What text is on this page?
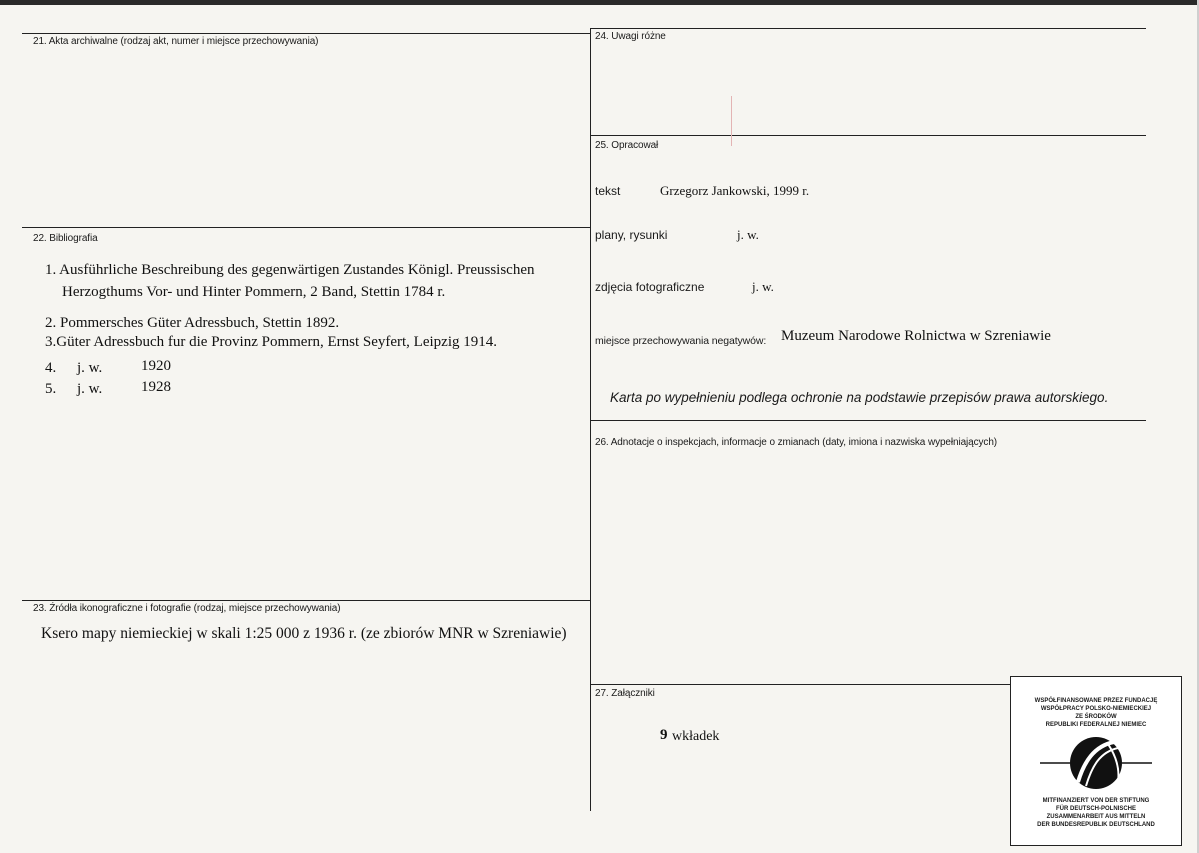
21. Akta archiwalne (rodzaj akt, numer i miejsce przechowywania)
22. Bibliografia
23. Źródła ikonograficzne i fotografie (rodzaj, miejsce przechowywania)
1. Ausführliche Beschreibung des gegenwärtigen Zustandes Königl. Preussischen
Herzogthums Vor- und Hinter Pommern, 2 Band, Stettin 1784 r.
2. Pommersches Güter Adressbuch, Stettin 1892.
3.Güter Adressbuch fur die Provinz Pommern, Ernst Seyfert, Leipzig 1914.
4. j. w.	1920
5. j. w.	1928
Ksero mapy niemieckiej w skali 1:25 000 z 1936 r. (ze zbiorów MNR w Szreniawie)
24. Uwagi różne
25. Opracował
tekst	Grzegorz Jankowski, 1999 r.
plany, rysunki	j. w.
zdjęcia fotograficzne	j. w.
miejsce przechowywania negatywów: Muzeum Narodowe Rolnictwa w Szreniawie
Karta po wypełnieniu podlega ochronie na podstawie przepisów prawa autorskiego.
26. Adnotacje o inspekcjach, informacje o zmianach (daty, imiona i nazwiska wypełniających)
27. Załączniki
9 wkładek
WSPÓŁFINANSOWANE PRZEZ FUNDACJĘ
WSPÓŁPRACY POLSKO-NIEMIECKIEJ
ZE ŚRODKÓW
REPUBLIKI FEDERALNEJ NIEMIEC
MITFINANZIERT VON DER STIFTUNG
FÜR DEUTSCH-POLNISCHE
ZUSAMMENARBEIT AUS MITTELN
DER BUNDESREPUBLIK DEUTSCHLAND
